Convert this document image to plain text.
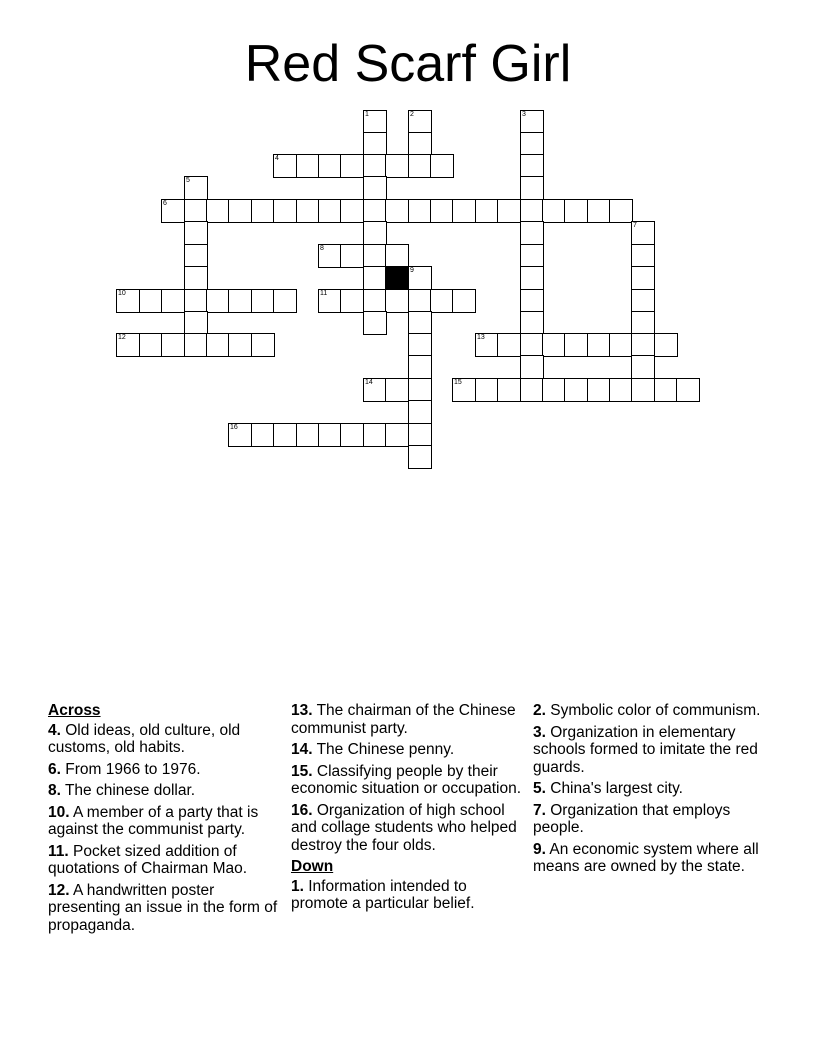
Red Scarf Girl
1	2	3
4
5
6
7
8
9
10	11
12	13
14	15
16
Across
4. Old ideas, old culture, old customs, old habits.
6. From 1966 to 1976.
8. The chinese dollar.
10. A member of a party that is against the communist party.
11. Pocket sized addition of quotations of Chairman Mao.
12. A handwritten poster presenting an issue in the form of propaganda.
13. The chairman of the Chinese communist party.
14. The Chinese penny.
15. Classifying people by their economic situation or occupation.
16. Organization of high school and collage students who helped destroy the four olds.
Down
1. Information intended to promote a particular belief.
2. Symbolic color of communism.
3. Organization in elementary schools formed to imitate the red guards.
5. China's largest city.
7. Organization that employs people.
9. An economic system where all means are owned by the state.
